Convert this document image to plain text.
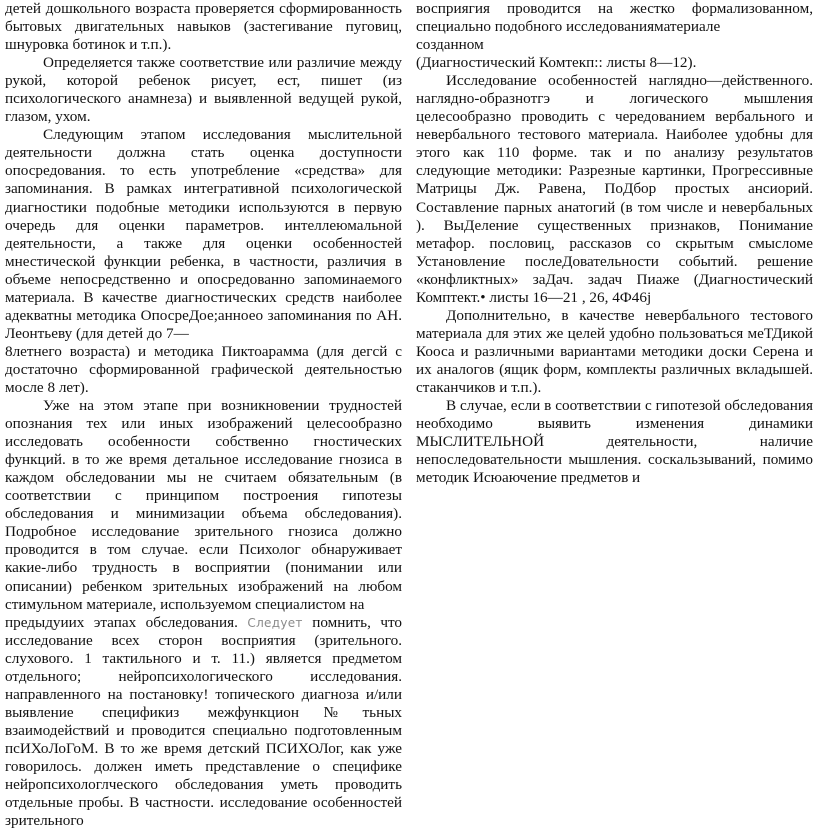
детей дошкольного возраста проверяется сформированность бытовых двигательных навыков (застегивание пуговиц, шнуровка ботинок и т.п.).

Определяется также соответствие или различие между рукой, которой ребенок рисует, ест, пишет (из психологического анамнеза) и выявленной ведущей рукой, глазом, ухом.

Следующим этапом исследования мыслительной деятельности должна стать оценка доступности опосредования. то есть употребление «средства» для запоминания. В рамках интегративной психологической диагностики подобные методики используются в первую очередь для оценки параметров. интеллеюмальной деятельности, а также для оценки особенностей мнестической функции ребенка, в частности, различия в объеме непосредственно и опосредованно запоминаемого материала. В качестве диагностических средств наиболее адекватны методика ОпосреДое;анноео запоминания по АН. Леонтьеву (для детей до 7—

8летнего возраста) и методика Пиктоарамма (для дегсй с достаточно сформированной графической деятельностью мосле 8 лет).

Уже на этом этапе при возникновении трудностей опознания тех или иных изображений целесообразно исследовать особенности собственно гностических функций. в то же время детальное исследование гнозиса в каждом обследовании мы не считаем обязательным (в соответствии с принципом построения гипотезы обследования и минимизации объема обследования). Подробное исследование зрительного гнозиса должно проводится в том случае. если Психолог обнаруживает какие-либо трудность в восприятии (понимании или описании) ребенком зрительных изображений на любом стимульном материале, используемом специалистом на

предыдуиих этапах обследования. Следует помнить, что

исследование всех сторон восприятия (зрительного. слухового. 1 тактильного и т. 11.) является предметом отдельного; нейропсихологического исследования. направленного на постановку! топического диагноза и/или выявление спецификиз межфункцион№тьных взаимодействий и проводится специально подготовленным псИХоЛоГоМ. В то же время детский ПСИХОЛог, как уже говорилось. должен иметь представление о специфике нейропсихологлческого обследования уметь проводить отдельные пробы. В частности. исследование особенностей зрительного

восприягия проводится на жестко формализованном, специально подобного исследованияматериале

созданном

(Диагностический Комтекп:: листы 8—12).

Исследование особенностей наглядно—действенного. наглядно-образнотгэ и логического мышления целесообразно проводить с чередованием вербального и невербального тестового материала. Наиболее удобны для этого как 110 форме. так и по анализу результатов следующие методики: Разрезные картинки, Прогрессивные Матрицы Дж. Равена, ПоДбор простых ансиорий. Составление парных анатогий (в том числе и невербальных ). ВыДеление существенных признаков, Понимание метафор. пословиц, рассказов со скрытым смысломе Установление послеДовательности событий. решение «конфликтных» заДач. задач Пиаже (Диагностический Комптект.• листы 16—21 , 26, 4Ф46j

Дополнительно, в качестве невербального тестового материала для этих же целей удобно пользоваться меТДикой Кооса и различными вариантами методики доски Серена и их аналогов (ящик форм, комплекты различных вкладышей. стаканчиков и т.п.).

В случае, если в соответствии с гипотезой обследования необходимо выявить изменения динамики МЫСЛИТЕЛЬНОЙ деятельности, наличие непоследовательности мышления. соскальзываний, помимо методик Исюаючение предметов и
